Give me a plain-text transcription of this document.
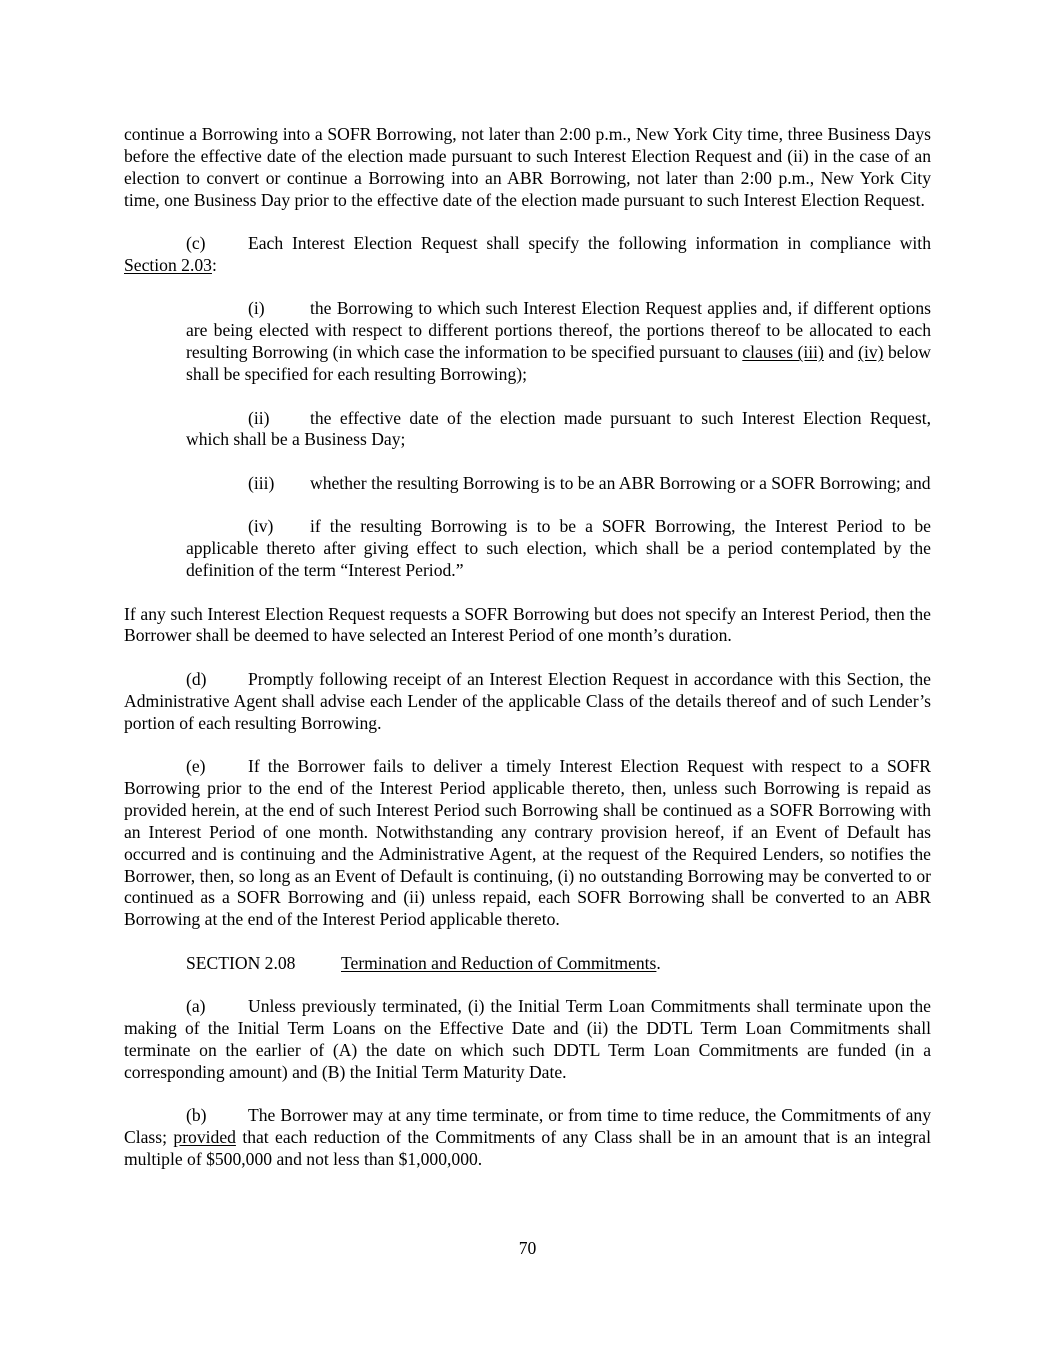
continue a Borrowing into a SOFR Borrowing, not later than 2:00 p.m., New York City time, three Business Days before the effective date of the election made pursuant to such Interest Election Request and (ii) in the case of an election to convert or continue a Borrowing into an ABR Borrowing, not later than 2:00 p.m., New York City time, one Business Day prior to the effective date of the election made pursuant to such Interest Election Request.

(c) Each Interest Election Request shall specify the following information in compliance with Section 2.03:

(i)	the Borrowing to which such Interest Election Request applies and, if different options are being elected with respect to different portions thereof, the portions thereof to be allocated to each resulting Borrowing (in which case the information to be specified pursuant to clauses (iii) and (iv) below shall be specified for each resulting Borrowing);

(ii) the effective date of the election made pursuant to such Interest Election Request, which shall be a Business Day;

(iii) whether the resulting Borrowing is to be an ABR Borrowing or a SOFR Borrowing; and

(iv) if the resulting Borrowing is to be a SOFR Borrowing, the Interest Period to be applicable thereto after giving effect to such election, which shall be a period contemplated by the definition of the term “Interest Period.”

If any such Interest Election Request requests a SOFR Borrowing but does not specify an Interest Period, then the Borrower shall be deemed to have selected an Interest Period of one month’s duration.

(d) Promptly following receipt of an Interest Election Request in accordance with this Section, the Administrative Agent shall advise each Lender of the applicable Class of the details thereof and of such Lender’s portion of each resulting Borrowing.

(e) If the Borrower fails to deliver a timely Interest Election Request with respect to a SOFR Borrowing prior to the end of the Interest Period applicable thereto, then, unless such Borrowing is repaid as provided herein, at the end of such Interest Period such Borrowing shall be continued as a SOFR Borrowing with an Interest Period of one month. Notwithstanding any contrary provision hereof, if an Event of Default has occurred and is continuing and the Administrative Agent, at the request of the Required Lenders, so notifies the Borrower, then, so long as an Event of Default is continuing, (i) no outstanding Borrowing may be converted to or continued as a SOFR Borrowing and (ii) unless repaid, each SOFR Borrowing shall be converted to an ABR Borrowing at the end of the Interest Period applicable thereto.

SECTION 2.08	Termination and Reduction of Commitments.

(a) Unless previously terminated, (i) the Initial Term Loan Commitments shall terminate upon the making of the Initial Term Loans on the Effective Date and (ii) the DDTL Term Loan Commitments shall terminate on the earlier of (A) the date on which such DDTL Term Loan Commitments are funded (in a corresponding amount) and (B) the Initial Term Maturity Date.

(b) The Borrower may at any time terminate, or from time to time reduce, the Commitments of any Class; provided that each reduction of the Commitments of any Class shall be in an amount that is an integral multiple of $500,000 and not less than $1,000,000.

70
